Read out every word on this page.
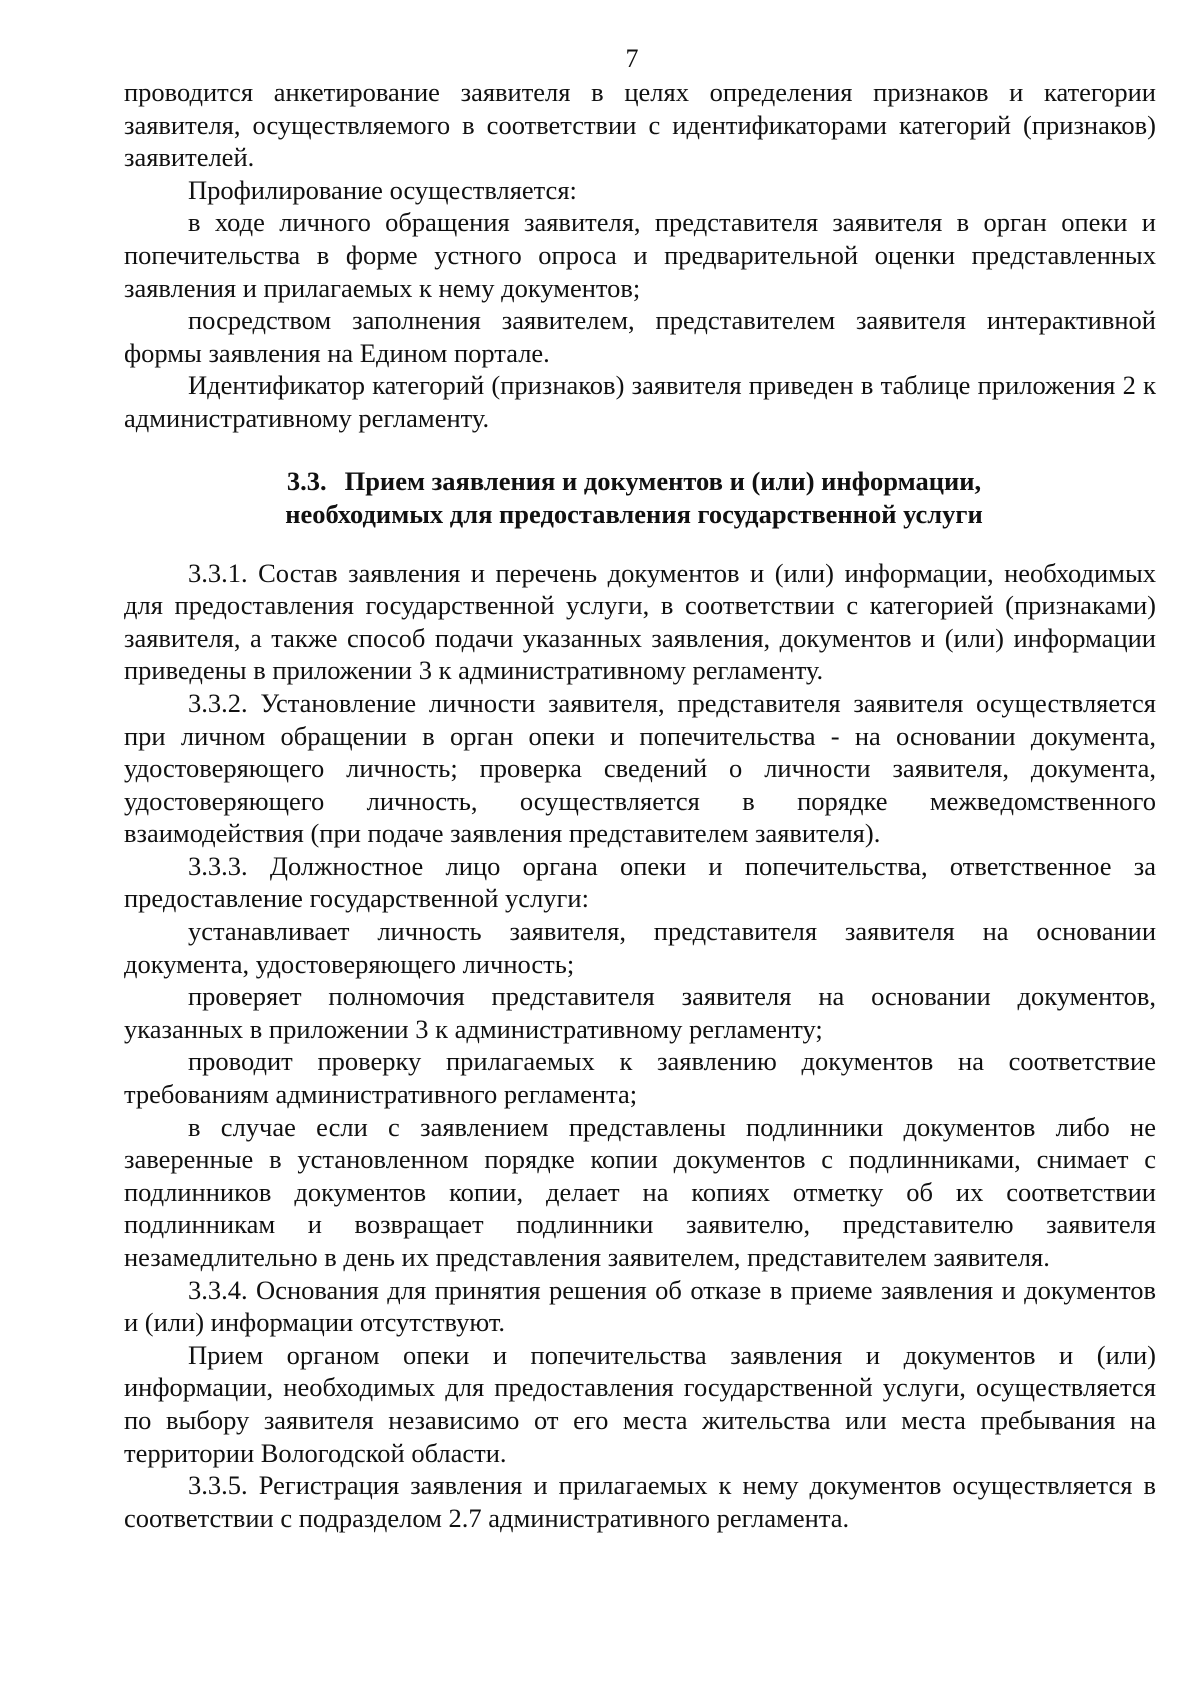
7

проводится анкетирование заявителя в целях определения признаков и категории заявителя, осуществляемого в соответствии с идентификаторами категорий (признаков) заявителей.

Профилирование осуществляется:

в ходе личного обращения заявителя, представителя заявителя в орган опеки и попечительства в форме устного опроса и предварительной оценки представленных заявления и прилагаемых к нему документов;

посредством заполнения заявителем, представителем заявителя интерактивной формы заявления на Едином портале.

Идентификатор категорий (признаков) заявителя приведен в таблице приложения 2 к административному регламенту.

3.3. Прием заявления и документов и (или) информации,
необходимых для предоставления государственной услуги

3.3.1. Состав заявления и перечень документов и (или) информации, необходимых для предоставления государственной услуги, в соответствии с категорией (признаками) заявителя, а также способ подачи указанных заявления, документов и (или) информации приведены в приложении 3 к административному регламенту.

3.3.2. Установление личности заявителя, представителя заявителя осуществляется при личном обращении в орган опеки и попечительства - на основании документа, удостоверяющего личность; проверка сведений о личности заявителя, документа, удостоверяющего личность, осуществляется в порядке межведомственного взаимодействия (при подаче заявления представителем заявителя).

3.3.3. Должностное лицо органа опеки и попечительства, ответственное за предоставление государственной услуги:

устанавливает личность заявителя, представителя заявителя на основании документа, удостоверяющего личность;

проверяет полномочия представителя заявителя на основании документов, указанных в приложении 3 к административному регламенту;

проводит проверку прилагаемых к заявлению документов на соответствие требованиям административного регламента;

в случае если с заявлением представлены подлинники документов либо не заверенные в установленном порядке копии документов с подлинниками, снимает с подлинников документов копии, делает на копиях отметку об их соответствии подлинникам и возвращает подлинники заявителю, представителю заявителя незамедлительно в день их представления заявителем, представителем заявителя.

3.3.4. Основания для принятия решения об отказе в приеме заявления и документов и (или) информации отсутствуют.

Прием органом опеки и попечительства заявления и документов и (или) информации, необходимых для предоставления государственной услуги, осуществляется по выбору заявителя независимо от его места жительства или места пребывания на территории Вологодской области.

3.3.5. Регистрация заявления и прилагаемых к нему документов осуществляется в соответствии с подразделом 2.7 административного регламента.
